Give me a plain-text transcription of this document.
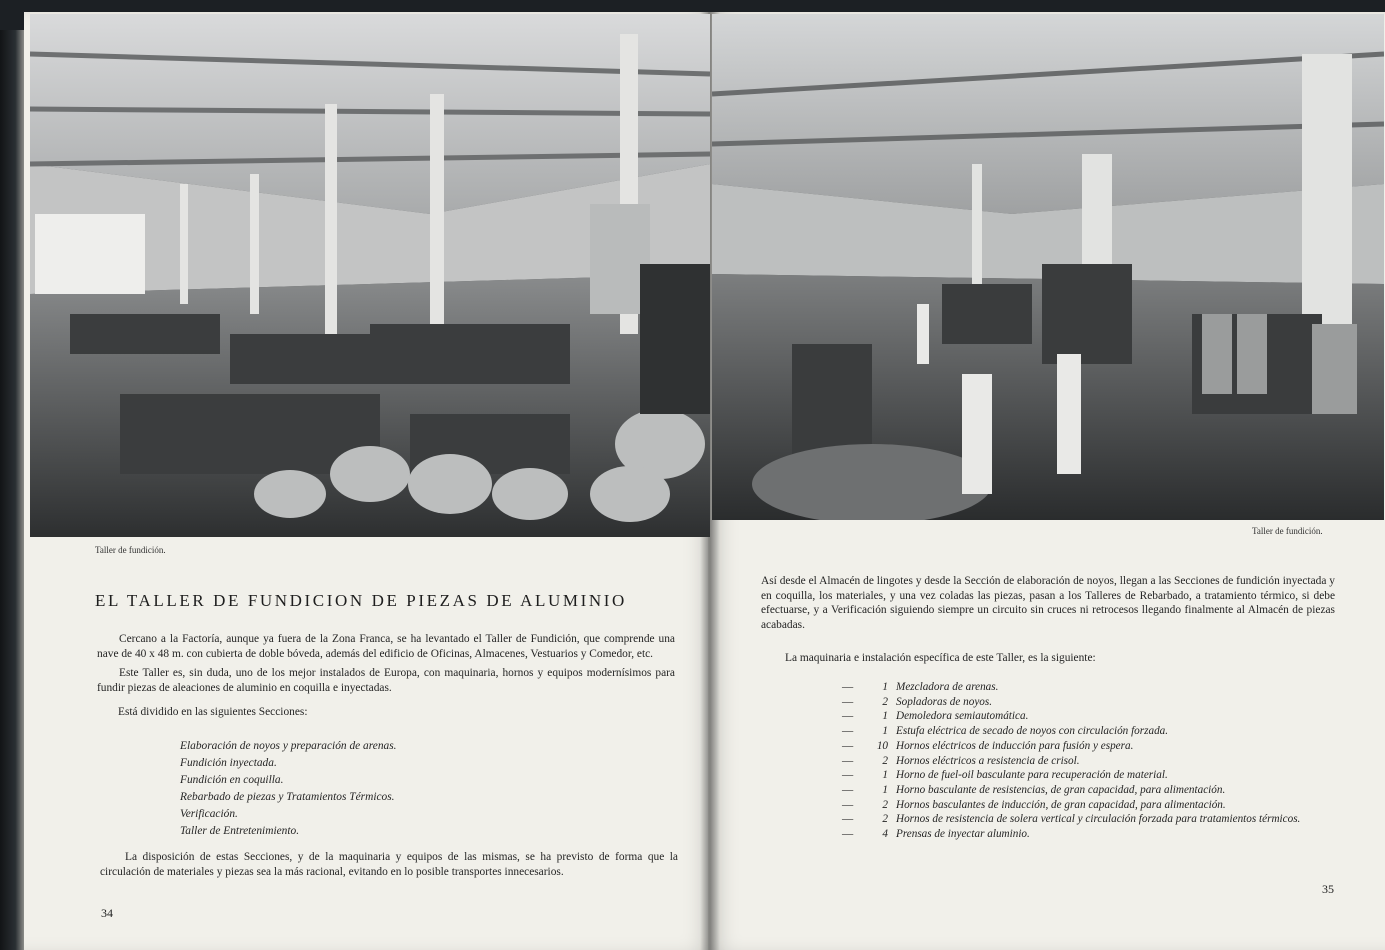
Taller de fundición.
Taller de fundición.
EL TALLER DE FUNDICION DE PIEZAS DE ALUMINIO
Cercano a la Factoría, aunque ya fuera de la Zona Franca, se ha levantado el Taller de Fundición, que comprende una nave de 40 x 48 m. con cubierta de doble bóveda, además del edificio de Oficinas, Almacenes, Vestuarios y Comedor, etc.
Este Taller es, sin duda, uno de los mejor instalados de Europa, con maquinaria, hornos y equipos modernísimos para fundir piezas de aleaciones de aluminio en coquilla e inyectadas.
Está dividido en las siguientes Secciones:
Elaboración de noyos y preparación de arenas.
Fundición inyectada.
Fundición en coquilla.
Rebarbado de piezas y Tratamientos Térmicos.
Verificación.
Taller de Entretenimiento.
La disposición de estas Secciones, y de la maquinaria y equipos de las mismas, se ha previsto de forma que la circulación de materiales y piezas sea la más racional, evitando en lo posible transportes innecesarios.
34
Así desde el Almacén de lingotes y desde la Sección de elaboración de noyos, llegan a las Secciones de fundición inyectada y en coquilla, los materiales, y una vez coladas las piezas, pasan a los Talleres de Rebarbado, a tratamiento térmico, si debe efectuarse, y a Verificación siguiendo siempre un circuito sin cruces ni retrocesos llegando finalmente al Almacén de piezas acabadas.
La maquinaria e instalación específica de este Taller, es la siguiente:
—	1 Mezcladora de arenas.
—	2 Sopladoras de noyos.
—	1 Demoledora semiautomática.
—	1 Estufa eléctrica de secado de noyos con circulación forzada.
—	10 Hornos eléctricos de inducción para fusión y espera.
—	2 Hornos eléctricos a resistencia de crisol.
—	1 Horno de fuel-oil basculante para recuperación de material.
—	1 Horno basculante de resistencias, de gran capacidad, para alimentación.
—	2 Hornos basculantes de inducción, de gran capacidad, para alimentación.
—	2 Hornos de resistencia de solera vertical y circulación forzada para tratamientos térmicos.
—	4 Prensas de inyectar aluminio.
35
